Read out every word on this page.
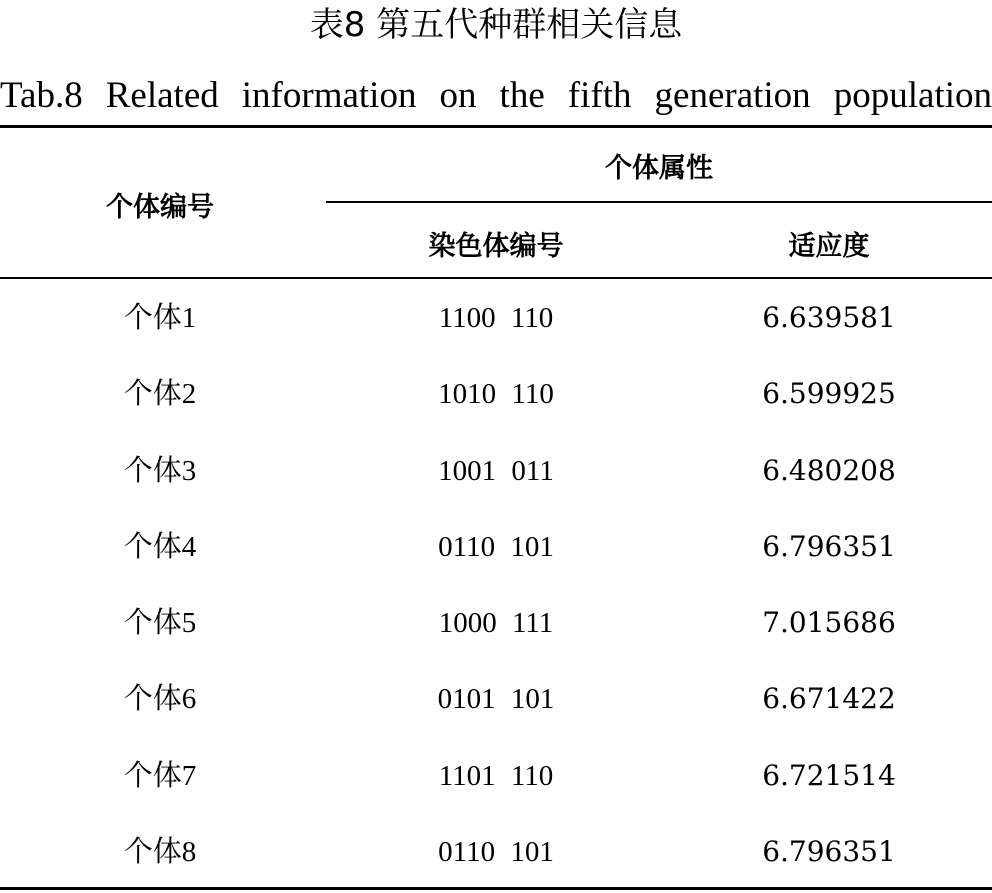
表8 第五代种群相关信息
Tab.8 Related information on the fifth generation population
个体编号
个体属性
染色体编号	适应度
个体1	1100 110	6.639581
个体2	1010 110	6.599925
个体3	1001 011	6.480208
个体4	0110 101	6.796351
个体5	1000 111	7.015686
个体6	0101 101	6.671422
个体7	1101 110	6.721514
个体8	0110 101	6.796351
